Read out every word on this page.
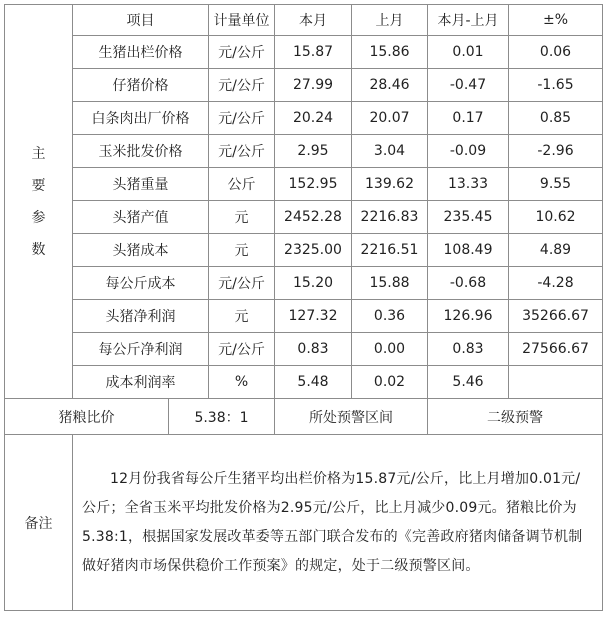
主
要
参
数	项目		计量单位	本月	上月	本月-上月	±%
	生猪出栏价格		元/公斤	15.87	15.86	0.01	0.06
	仔猪价格		元/公斤	27.99	28.46	-0.47	-1.65
	白条肉出厂价格		元/公斤	20.24	20.07	0.17	0.85
	玉米批发价格		元/公斤	2.95	3.04	-0.09	-2.96
	头猪重量		公斤	152.95	139.62	13.33	9.55
	头猪产值		元	2452.28	2216.83	235.45	10.62
	头猪成本		元	2325.00	2216.51	108.49	4.89
	每公斤成本		元/公斤	15.20	15.88	-0.68	-4.28
	头猪净利润		元	127.32	0.36	126.96	35266.67
	每公斤净利润		元/公斤	0.83	0.00	0.83	27566.67
	成本利润率		%	5.48	0.02	5.46	
猪粮比价		5.38：1		所处预警区间		二级预警	
备注	12月份我省每公斤生猪平均出栏价格为15.87元/公斤，比上月增加0.01元/公斤；全省玉米平均批发价格为2.95元/公斤，比上月减少0.09元。猪粮比价为5.38:1，根据国家发展改革委等五部门联合发布的《完善政府猪肉储备调节机制做好猪肉市场保供稳价工作预案》的规定，处于二级预警区间。						
